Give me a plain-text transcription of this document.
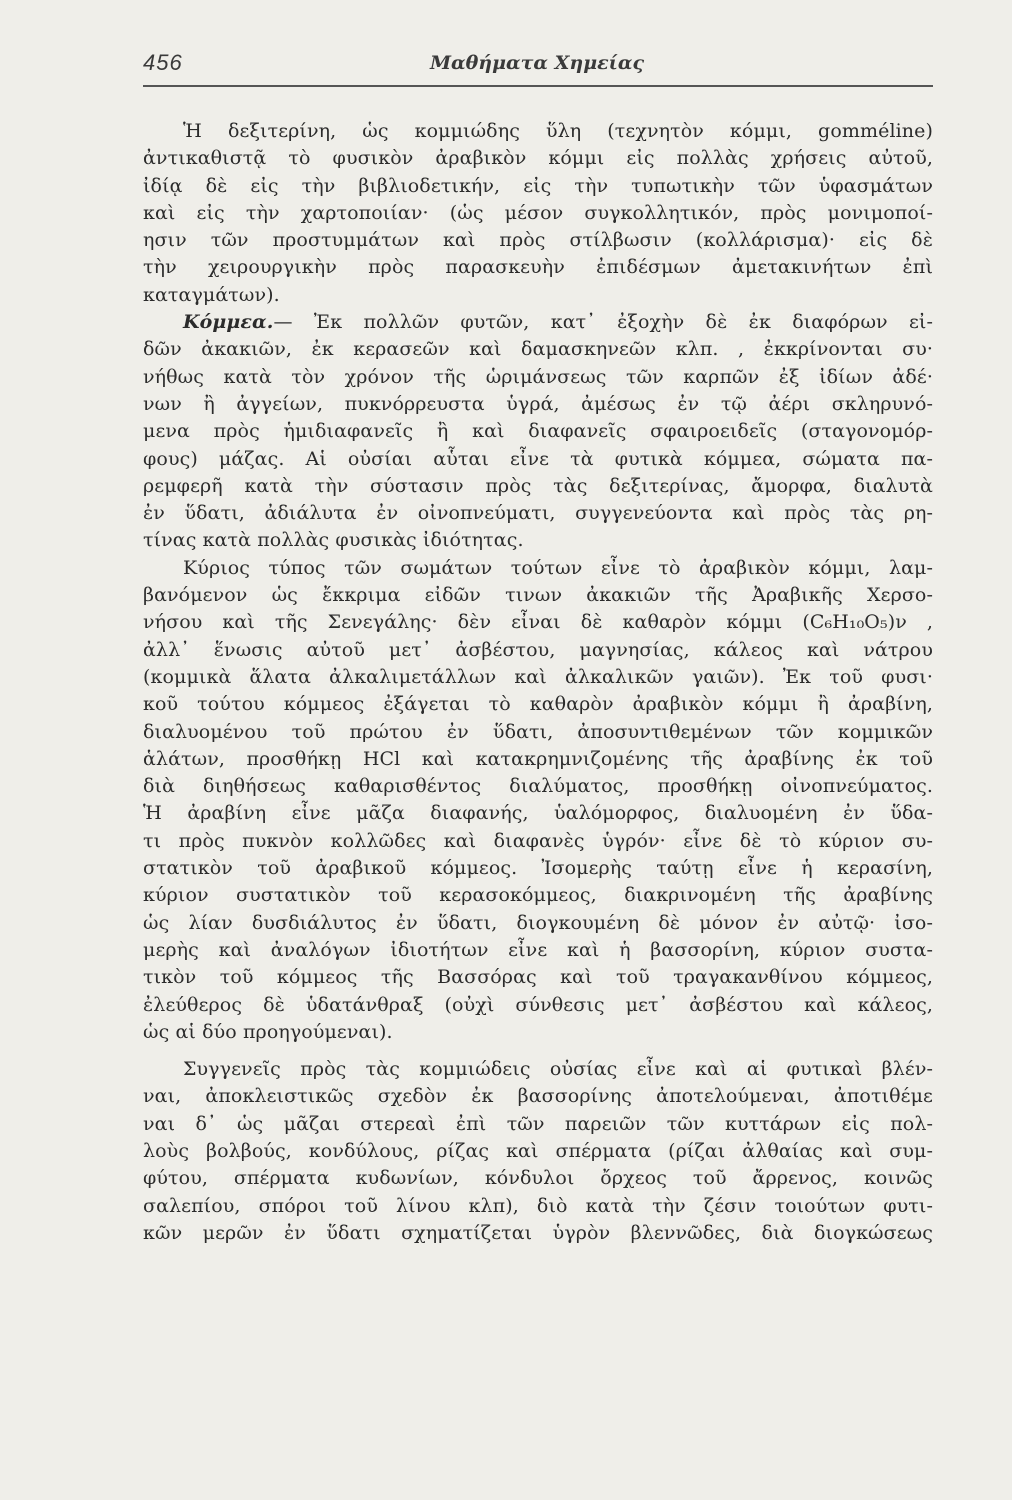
456	Μαθήματα Χημείας
Ἡ δεξιτερίνη, ὡς κομμιώδης ὕλη (τεχνητὸν κόμμι, gomméline)
ἀντικαθιστᾷ τὸ φυσικὸν ἀραβικὸν κόμμι εἰς πολλὰς χρήσεις αὐτοῦ,
ἰδίᾳ δὲ εἰς τὴν βιβλιοδετικήν, εἰς τὴν τυπωτικὴν τῶν ὑφασμάτων
καὶ εἰς τὴν χαρτοποιίαν· (ὡς μέσον συγκολλητικόν, πρὸς μονιμοποί-
ησιν τῶν προστυμμάτων καὶ πρὸς στίλβωσιν (κολλάρισμα)· εἰς δὲ
τὴν χειρουργικὴν πρὸς παρασκευὴν ἐπιδέσμων ἀμετακινήτων ἐπὶ
καταγμάτων).
Κόμμεα.— Ἐκ πολλῶν φυτῶν, κατ᾿ ἐξοχὴν δὲ ἐκ διαφόρων εἰ-
δῶν ἀκακιῶν, ἐκ κερασεῶν καὶ δαμασκηνεῶν κλπ. , ἐκκρίνονται συ·
νήθως κατὰ τὸν χρόνον τῆς ὡριμάνσεως τῶν καρπῶν ἐξ ἰδίων ἀδέ·
νων ἢ ἀγγείων, πυκνόρρευστα ὑγρά, ἀμέσως ἐν τῷ ἀέρι σκληρυνό-
μενα πρὸς ἡμιδιαφανεῖς ἢ καὶ διαφανεῖς σφαιροειδεῖς (σταγονομόρ-
φους) μάζας. Αἱ οὐσίαι αὗται εἶνε τὰ φυτικὰ κόμμεα, σώματα πα-
ρεμφερῆ κατὰ τὴν σύστασιν πρὸς τὰς δεξιτερίνας, ἄμορφα, διαλυτὰ
ἐν ὕδατι, ἀδιάλυτα ἐν οἰνοπνεύματι, συγγενεύοντα καὶ πρὸς τὰς ρη-
τίνας κατὰ πολλὰς φυσικὰς ἰδιότητας.
Κύριος τύπος τῶν σωμάτων τούτων εἶνε τὸ ἀραβικὸν κόμμι, λαμ-
βανόμενον ὡς ἔκκριμα εἰδῶν τινων ἀκακιῶν τῆς Ἀραβικῆς Χερσο-
νήσου καὶ τῆς Σενεγάλης· δὲν εἶναι δὲ καθαρὸν κόμμι (C₆H₁₀O₅)ν ,
ἀλλ᾿ ἕνωσις αὐτοῦ μετ᾿ ἀσβέστου, μαγνησίας, κάλεος καὶ νάτρου
(κομμικὰ ἅλατα ἀλκαλιμετάλλων καὶ ἀλκαλικῶν γαιῶν). Ἐκ τοῦ φυσι·
κοῦ τούτου κόμμεος ἐξάγεται τὸ καθαρὸν ἀραβικὸν κόμμι ἢ ἀραβίνη,
διαλυομένου τοῦ πρώτου ἐν ὕδατι, ἀποσυντιθεμένων τῶν κομμικῶν
ἁλάτων, προσθήκῃ HCl καὶ κατακρημνιζομένης τῆς ἀραβίνης ἐκ τοῦ
διὰ διηθήσεως καθαρισθέντος διαλύματος, προσθήκῃ οἰνοπνεύματος.
Ἡ ἀραβίνη εἶνε μᾶζα διαφανής, ὑαλόμορφος, διαλυομένη ἐν ὕδα-
τι πρὸς πυκνὸν κολλῶδες καὶ διαφανὲς ὑγρόν· εἶνε δὲ τὸ κύριον συ-
στατικὸν τοῦ ἀραβικοῦ κόμμεος. Ἰσομερὴς ταύτῃ εἶνε ἡ κερασίνη,
κύριον συστατικὸν τοῦ κερασοκόμμεος, διακρινομένη τῆς ἀραβίνης
ὡς λίαν δυσδιάλυτος ἐν ὕδατι, διογκουμένη δὲ μόνον ἐν αὐτῷ· ἰσο-
μερὴς καὶ ἀναλόγων ἰδιοτήτων εἶνε καὶ ἡ βασσορίνη, κύριον συστα-
τικὸν τοῦ κόμμεος τῆς Βασσόρας καὶ τοῦ τραγακανθίνου κόμμεος,
ἐλεύθερος δὲ ὑδατάνθραξ (οὐχὶ σύνθεσις μετ᾿ ἀσβέστου καὶ κάλεος,
ὡς αἱ δύο προηγούμεναι).
Συγγενεῖς πρὸς τὰς κομμιώδεις οὐσίας εἶνε καὶ αἱ φυτικαὶ βλέν-
ναι, ἀποκλειστικῶς σχεδὸν ἐκ βασσορίνης ἀποτελούμεναι, ἀποτιθέμε
ναι δ᾿ ὡς μᾶζαι στερεαὶ ἐπὶ τῶν παρειῶν τῶν κυττάρων εἰς πολ-
λοὺς βολβούς, κονδύλους, ρίζας καὶ σπέρματα (ρίζαι ἀλθαίας καὶ συμ-
φύτου, σπέρματα κυδωνίων, κόνδυλοι ὄρχεος τοῦ ἄρρενος, κοινῶς
σαλεπίου, σπόροι τοῦ λίνου κλπ), διὸ κατὰ τὴν ζέσιν τοιούτων φυτι-
κῶν μερῶν ἐν ὕδατι σχηματίζεται ὑγρὸν βλεννῶδες, διὰ διογκώσεως
